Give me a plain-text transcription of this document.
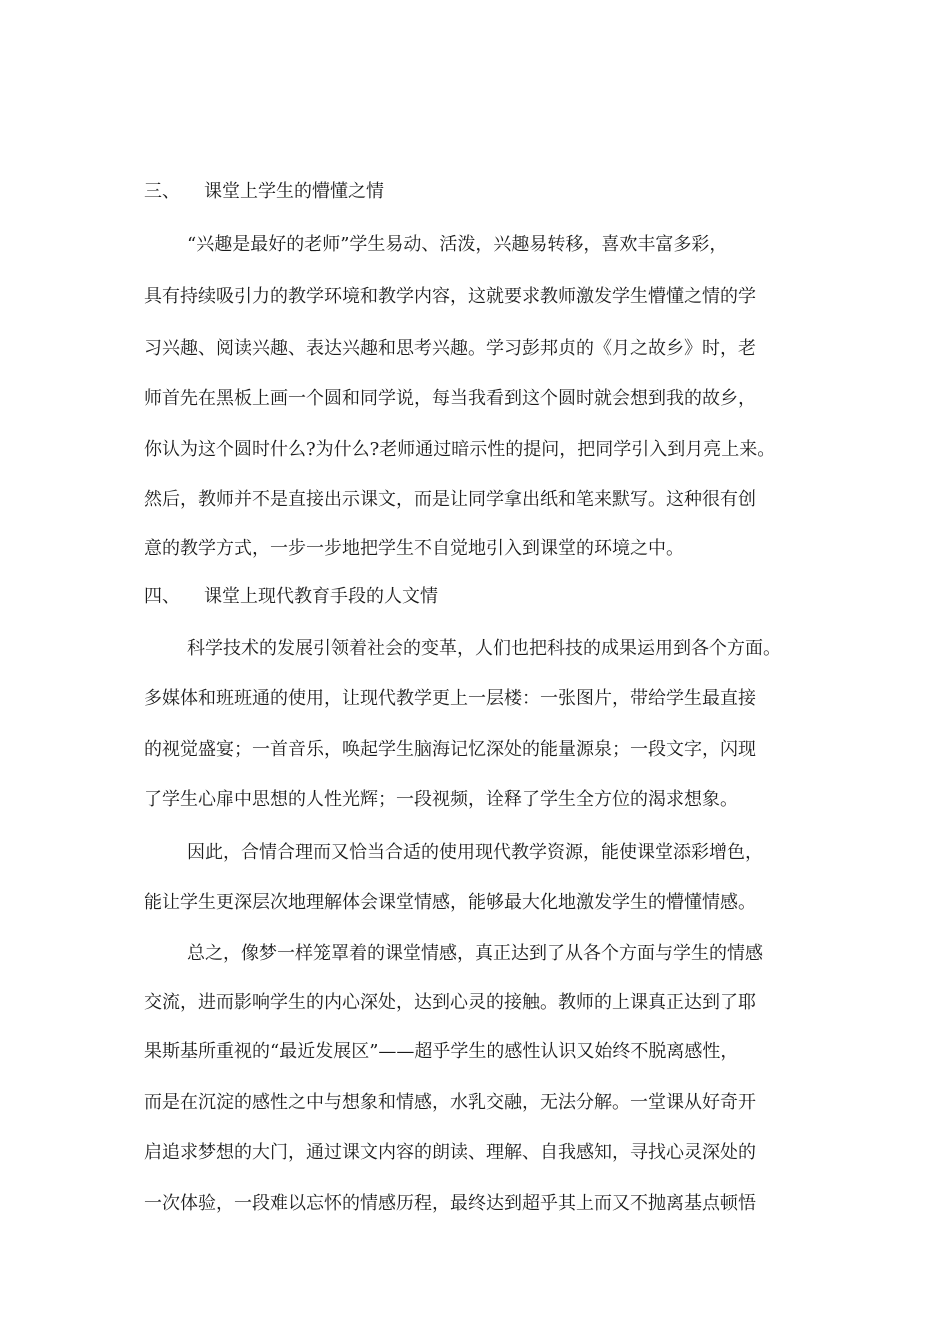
三、 课堂上学生的懵懂之情
“兴趣是最好的老师”学生易动、活泼，兴趣易转移，喜欢丰富多彩，
具有持续吸引力的教学环境和教学内容，这就要求教师激发学生懵懂之情的学
习兴趣、阅读兴趣、表达兴趣和思考兴趣。学习彭邦贞的《月之故乡》时，老
师首先在黑板上画一个圆和同学说，每当我看到这个圆时就会想到我的故乡，
你认为这个圆时什么?为什么?老师通过暗示性的提问，把同学引入到月亮上来。
然后，教师并不是直接出示课文，而是让同学拿出纸和笔来默写。这种很有创
意的教学方式，一步一步地把学生不自觉地引入到课堂的环境之中。
四、 课堂上现代教育手段的人文情
科学技术的发展引领着社会的变革，人们也把科技的成果运用到各个方面。
多媒体和班班通的使用，让现代教学更上一层楼：一张图片，带给学生最直接
的视觉盛宴；一首音乐，唤起学生脑海记忆深处的能量源泉；一段文字，闪现
了学生心扉中思想的人性光辉；一段视频，诠释了学生全方位的渴求想象。
因此，合情合理而又恰当合适的使用现代教学资源，能使课堂添彩增色，
能让学生更深层次地理解体会课堂情感，能够最大化地激发学生的懵懂情感。
总之，像梦一样笼罩着的课堂情感，真正达到了从各个方面与学生的情感
交流，进而影响学生的内心深处，达到心灵的接触。教师的上课真正达到了耶
果斯基所重视的“最近发展区”——超乎学生的感性认识又始终不脱离感性，
而是在沉淀的感性之中与想象和情感，水乳交融，无法分解。一堂课从好奇开
启追求梦想的大门，通过课文内容的朗读、理解、自我感知，寻找心灵深处的
一次体验，一段难以忘怀的情感历程，最终达到超乎其上而又不抛离基点顿悟
